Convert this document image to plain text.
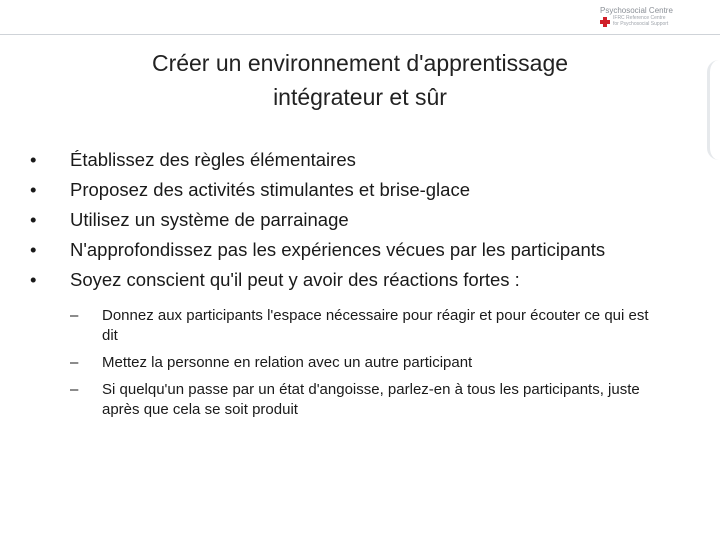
Psychosocial Centre
IFRC Reference Centre
for Psychosocial Support
Créer un environnement d'apprentissage
intégrateur et sûr
• Établissez des règles élémentaires
• Proposez des activités stimulantes et brise-glace
• Utilisez un système de parrainage
• N'approfondissez pas les expériences vécues par les participants
• Soyez conscient qu'il peut y avoir des réactions fortes :
– Donnez aux participants l'espace nécessaire pour réagir et pour écouter ce qui est dit
– Mettez la personne en relation avec un autre participant
– Si quelqu'un passe par un état d'angoisse, parlez-en à tous les participants, juste après que cela se soit produit
